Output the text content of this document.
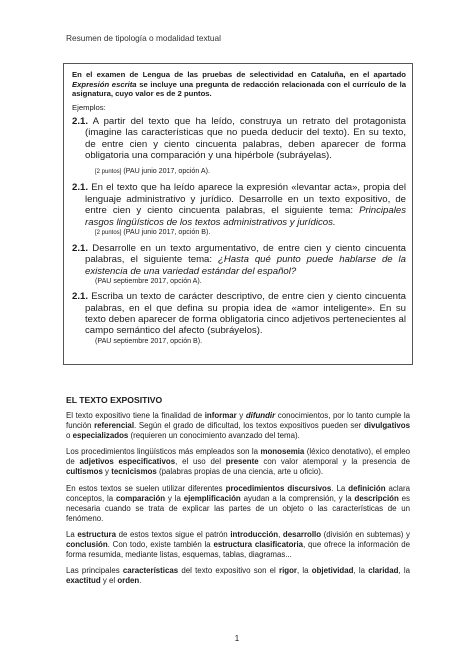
Resumen de tipología o modalidad textual
En el examen de Lengua de las pruebas de selectividad en Cataluña, en el apartado Expresión escrita se incluye una pregunta de redacción relacionada con el currículo de la asignatura, cuyo valor es de 2 puntos.
Ejemplos:
2.1. A partir del texto que ha leído, construya un retrato del protagonista (imagine las características que no pueda deducir del texto). En su texto, de entre cien y ciento cincuenta palabras, deben aparecer de forma obligatoria una comparación y una hipérbole (subráyelas).
[2 puntos] (PAU junio 2017, opción A).
2.1. En el texto que ha leído aparece la expresión «levantar acta», propia del lenguaje administrativo y jurídico. Desarrolle en un texto expositivo, de entre cien y ciento cincuenta palabras, el siguiente tema: Principales rasgos lingüísticos de los textos administrativos y jurídicos.
[2 puntos] (PAU junio 2017, opción B).
2.1. Desarrolle en un texto argumentativo, de entre cien y ciento cincuenta palabras, el siguiente tema: ¿Hasta qué punto puede hablarse de la existencia de una variedad estándar del español?
(PAU septiembre 2017, opción A).
2.1. Escriba un texto de carácter descriptivo, de entre cien y ciento cincuenta palabras, en el que defina su propia idea de «amor inteligente». En su texto deben aparecer de forma obligatoria cinco adjetivos pertenecientes al campo semántico del afecto (subráyelos).
(PAU septiembre 2017, opción B).
EL TEXTO EXPOSITIVO

El texto expositivo tiene la finalidad de informar y difundir conocimientos, por lo tanto cumple la función referencial. Según el grado de dificultad, los textos expositivos pueden ser divulgativos o especializados (requieren un conocimiento avanzado del tema).

Los procedimientos lingüísticos más empleados son la monosemia (léxico denotativo), el empleo de adjetivos especificativos, el uso del presente con valor atemporal y la presencia de cultismos y tecnicismos (palabras propias de una ciencia, arte u oficio).

En estos textos se suelen utilizar diferentes procedimientos discursivos. La definición aclara conceptos, la comparación y la ejemplificación ayudan a la comprensión, y la descripción es necesaria cuando se trata de explicar las partes de un objeto o las características de un fenómeno.

La estructura de estos textos sigue el patrón introducción, desarrollo (división en subtemas) y conclusión. Con todo, existe también la estructura clasificatoria, que ofrece la información de forma resumida, mediante listas, esquemas, tablas, diagramas...

Las principales características del texto expositivo son el rigor, la objetividad, la claridad, la exactitud y el orden.

1
